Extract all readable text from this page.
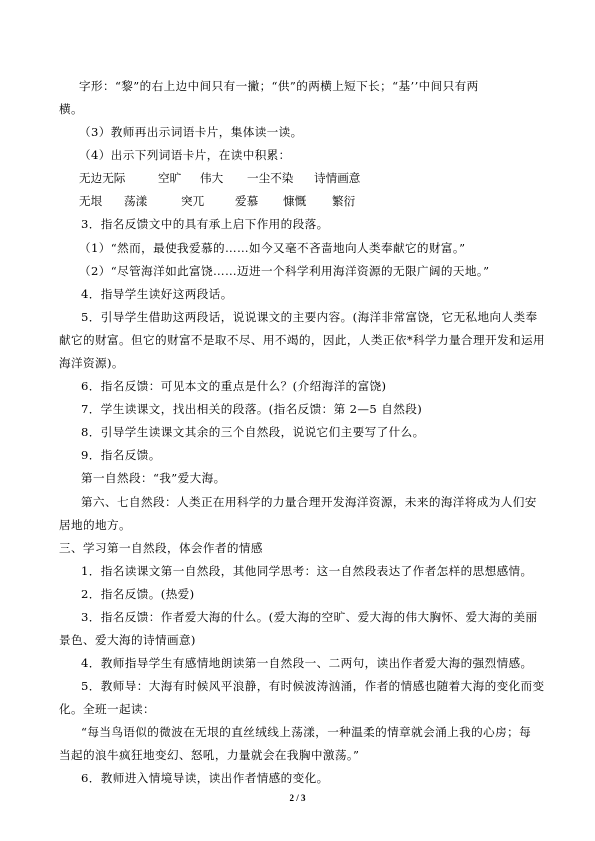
字形：“黎”的右上边中间只有一撇；“供”的两横上短下长；“基’’中间只有两
横。
（3）教师再出示词语卡片，集体读一读。
（4）出示下列词语卡片，在读中积累：
无边无际	空旷 伟大 一尘不染 诗情画意
无垠 荡漾	突兀	爱慕 慷慨 繁衍
3．指名反馈文中的具有承上启下作用的段落。
（1）“然而，最使我爱慕的……如今又毫不吝啬地向人类奉献它的财富。”
（2）“尽管海洋如此富饶……迈进一个科学利用海洋资源的无限广阔的天地。”
4．指导学生读好这两段话。
5．引导学生借助这两段话，说说课文的主要内容。(海洋非常富饶，它无私地向人类奉
献它的财富。但它的财富不是取不尽、用不竭的，因此，人类正依*科学力量合理开发和运用
海洋资源)。
6．指名反馈：可见本文的重点是什么？(介绍海洋的富饶)
7．学生读课文，找出相关的段落。(指名反馈：第 2—5 自然段)
8．引导学生读课文其余的三个自然段，说说它们主要写了什么。
9．指名反馈。
第一自然段：“我”爱大海。
第六、七自然段：人类正在用科学的力量合理开发海洋资源，未来的海洋将成为人们安
居地的地方。
三、学习第一自然段，体会作者的情感
1．指名读课文第一自然段，其他同学思考：这一自然段表达了作者怎样的思想感情。
2．指名反馈。(热爱)
3．指名反馈：作者爱大海的什么。(爱大海的空旷、爱大海的伟大胸怀、爱大海的美丽
景色、爱大海的诗情画意)
4．教师指导学生有感情地朗读第一自然段一、二两句，读出作者爱大海的强烈情感。
5．教师导：大海有时候风平浪静，有时候波涛汹涌，作者的情感也随着大海的变化而变
化。全班一起读：
“每当鸟语似的微波在无垠的直丝绒线上荡漾，一种温柔的情章就会涌上我的心房；每
当起的浪牛疯狂地变幻、怒吼，力量就会在我胸中激荡。”
6．教师进入情境导读，读出作者情感的变化。
2 / 3
